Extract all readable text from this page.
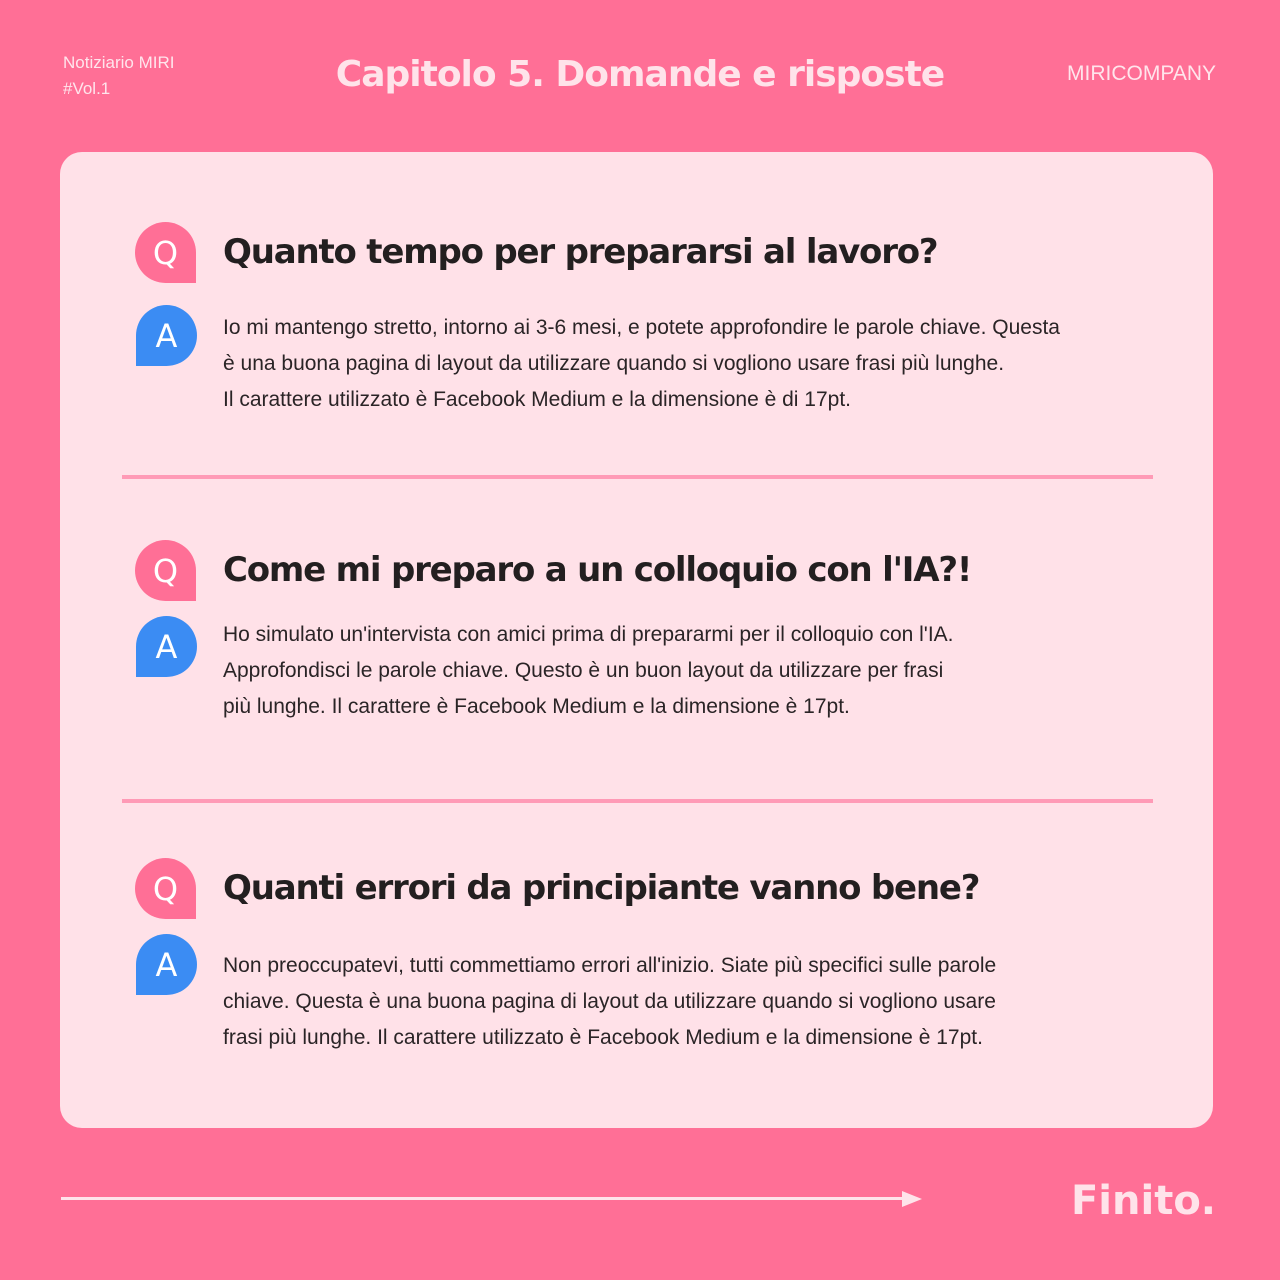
Notiziario MIRI
#Vol.1	Capitolo 5. Domande e risposte	MIRICOMPANY
Q	Quanto tempo per prepararsi al lavoro?
A	Io mi mantengo stretto, intorno ai 3-6 mesi, e potete approfondire le parole chiave. Questa
è una buona pagina di layout da utilizzare quando si vogliono usare frasi più lunghe.
Il carattere utilizzato è Facebook Medium e la dimensione è di 17pt.
Q	Come mi preparo a un colloquio con l'IA?!
A	Ho simulato un'intervista con amici prima di prepararmi per il colloquio con l'IA.
Approfondisci le parole chiave. Questo è un buon layout da utilizzare per frasi
più lunghe. Il carattere è Facebook Medium e la dimensione è 17pt.
Q	Quanti errori da principiante vanno bene?
A	Non preoccupatevi, tutti commettiamo errori all'inizio. Siate più specifici sulle parole
chiave. Questa è una buona pagina di layout da utilizzare quando si vogliono usare
frasi più lunghe. Il carattere utilizzato è Facebook Medium e la dimensione è 17pt.
Finito.
